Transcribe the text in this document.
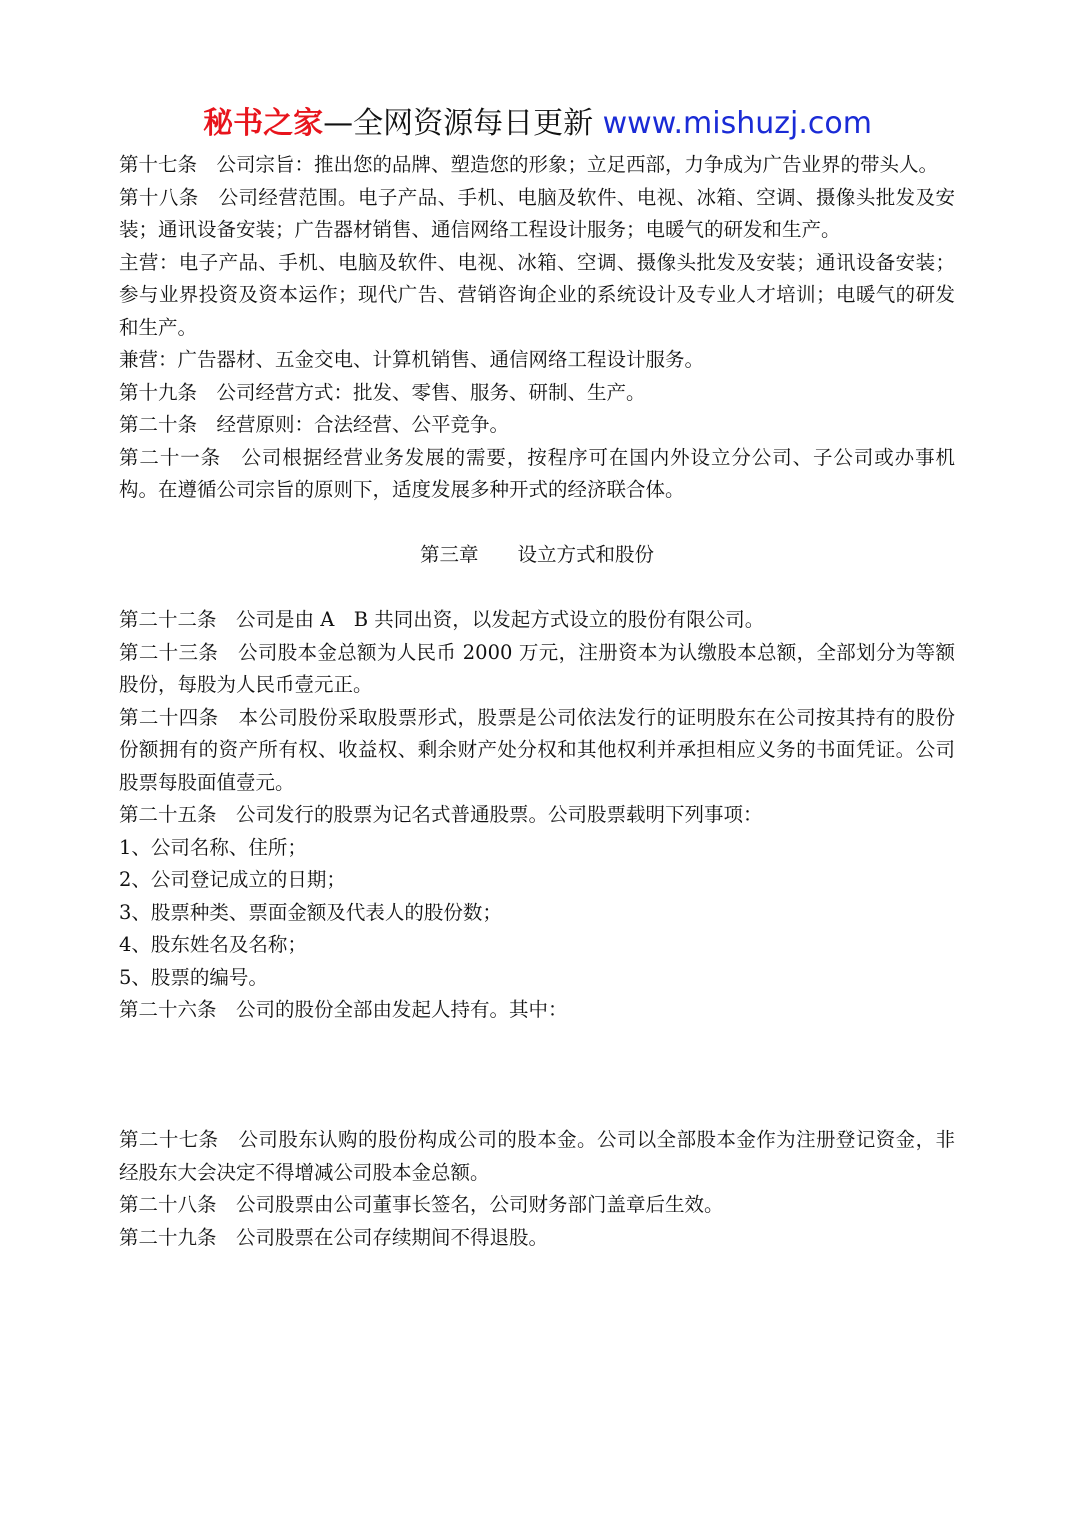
秘书之家—全网资源每日更新 www.mishuzj.com

第十七条　公司宗旨：推出您的品牌、塑造您的形象；立足西部，力争成为广告业界的带头人。

第十八条　公司经营范围。电子产品、手机、电脑及软件、电视、冰箱、空调、摄像头批发及安装；通讯设备安装；广告器材销售、通信网络工程设计服务；电暖气的研发和生产。

主营：电子产品、手机、电脑及软件、电视、冰箱、空调、摄像头批发及安装；通讯设备安装；参与业界投资及资本运作；现代广告、营销咨询企业的系统设计及专业人才培训；电暖气的研发和生产。

兼营：广告器材、五金交电、计算机销售、通信网络工程设计服务。

第十九条　公司经营方式：批发、零售、服务、研制、生产。

第二十条　经营原则：合法经营、公平竞争。

第二十一条　公司根据经营业务发展的需要，按程序可在国内外设立分公司、子公司或办事机构。在遵循公司宗旨的原则下，适度发展多种开式的经济联合体。

第三章　　设立方式和股份

第二十二条　公司是由 A　B 共同出资，以发起方式设立的股份有限公司。

第二十三条　公司股本金总额为人民币 2000 万元，注册资本为认缴股本总额，全部划分为等额股份，每股为人民币壹元正。

第二十四条　本公司股份采取股票形式，股票是公司依法发行的证明股东在公司按其持有的股份份额拥有的资产所有权、收益权、剩余财产处分权和其他权利并承担相应义务的书面凭证。公司股票每股面值壹元。

第二十五条　公司发行的股票为记名式普通股票。公司股票载明下列事项：

1、公司名称、住所；

2、公司登记成立的日期；

3、股票种类、票面金额及代表人的股份数；

4、股东姓名及名称；

5、股票的编号。

第二十六条　公司的股份全部由发起人持有。其中：

第二十七条　公司股东认购的股份构成公司的股本金。公司以全部股本金作为注册登记资金，非经股东大会决定不得增减公司股本金总额。

第二十八条　公司股票由公司董事长签名，公司财务部门盖章后生效。

第二十九条　公司股票在公司存续期间不得退股。
